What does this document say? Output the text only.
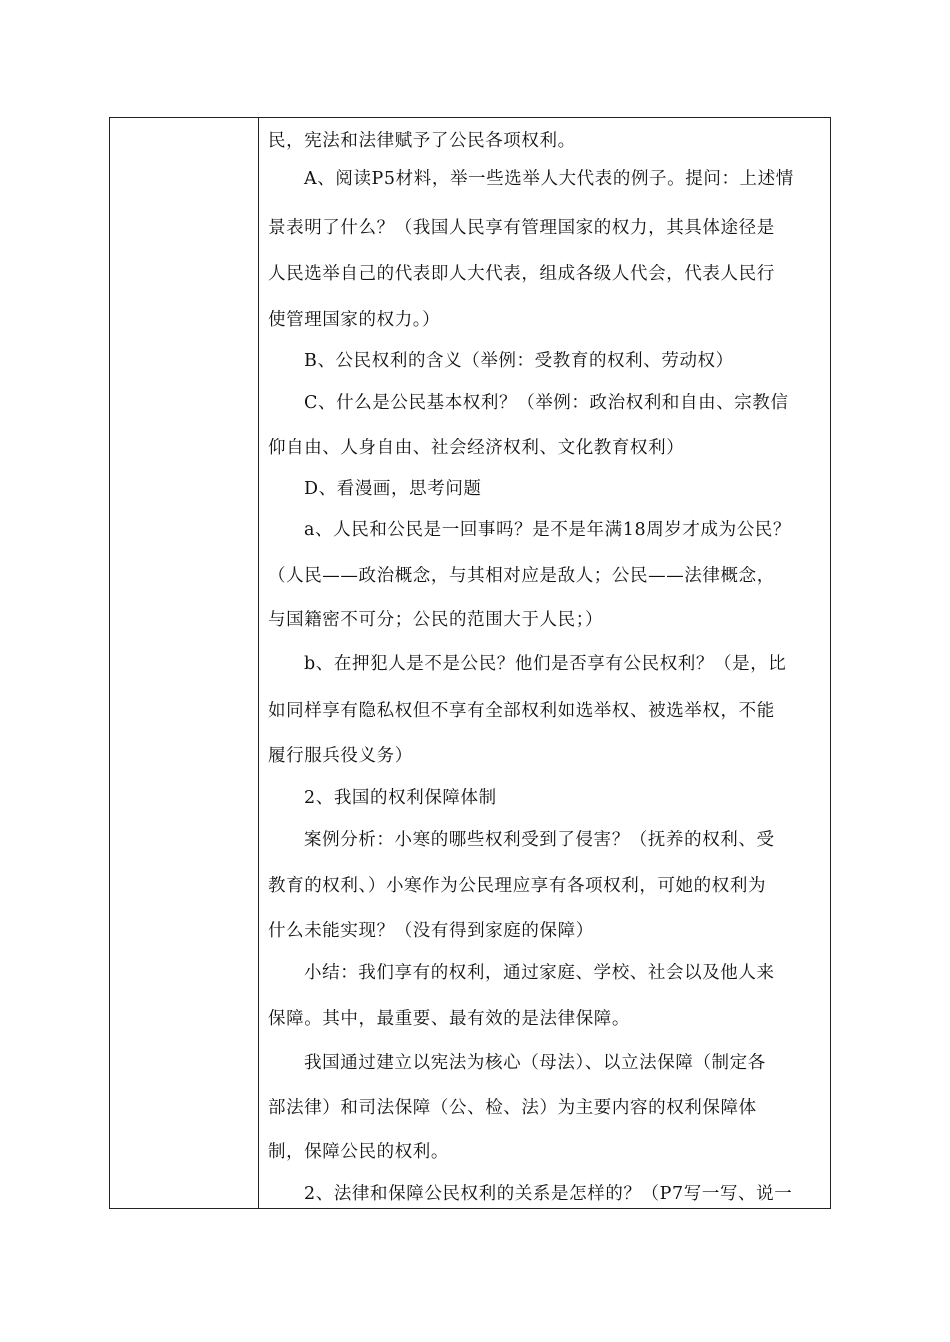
民，宪法和法律赋予了公民各项权利。

A、阅读P5材料，举一些选举人大代表的例子。提问：上述情

景表明了什么？（我国人民享有管理国家的权力，其具体途径是

人民选举自己的代表即人大代表，组成各级人代会，代表人民行

使管理国家的权力。）

B、公民权利的含义（举例：受教育的权利、劳动权）

C、什么是公民基本权利？（举例：政治权利和自由、宗教信

仰自由、人身自由、社会经济权利、文化教育权利）

D、看漫画，思考问题

a、人民和公民是一回事吗？是不是年满18周岁才成为公民？

（人民——政治概念，与其相对应是敌人；公民——法律概念，

与国籍密不可分；公民的范围大于人民；）

b、在押犯人是不是公民？他们是否享有公民权利？（是，比

如同样享有隐私权但不享有全部权利如选举权、被选举权，不能

履行服兵役义务）

2、我国的权利保障体制

案例分析：小寒的哪些权利受到了侵害？（抚养的权利、受

教育的权利、）小寒作为公民理应享有各项权利，可她的权利为

什么未能实现？（没有得到家庭的保障）

小结：我们享有的权利，通过家庭、学校、社会以及他人来

保障。其中，最重要、最有效的是法律保障。

我国通过建立以宪法为核心（母法）、以立法保障（制定各

部法律）和司法保障（公、检、法）为主要内容的权利保障体

制，保障公民的权利。

2、法律和保障公民权利的关系是怎样的？（P7写一写、说一
